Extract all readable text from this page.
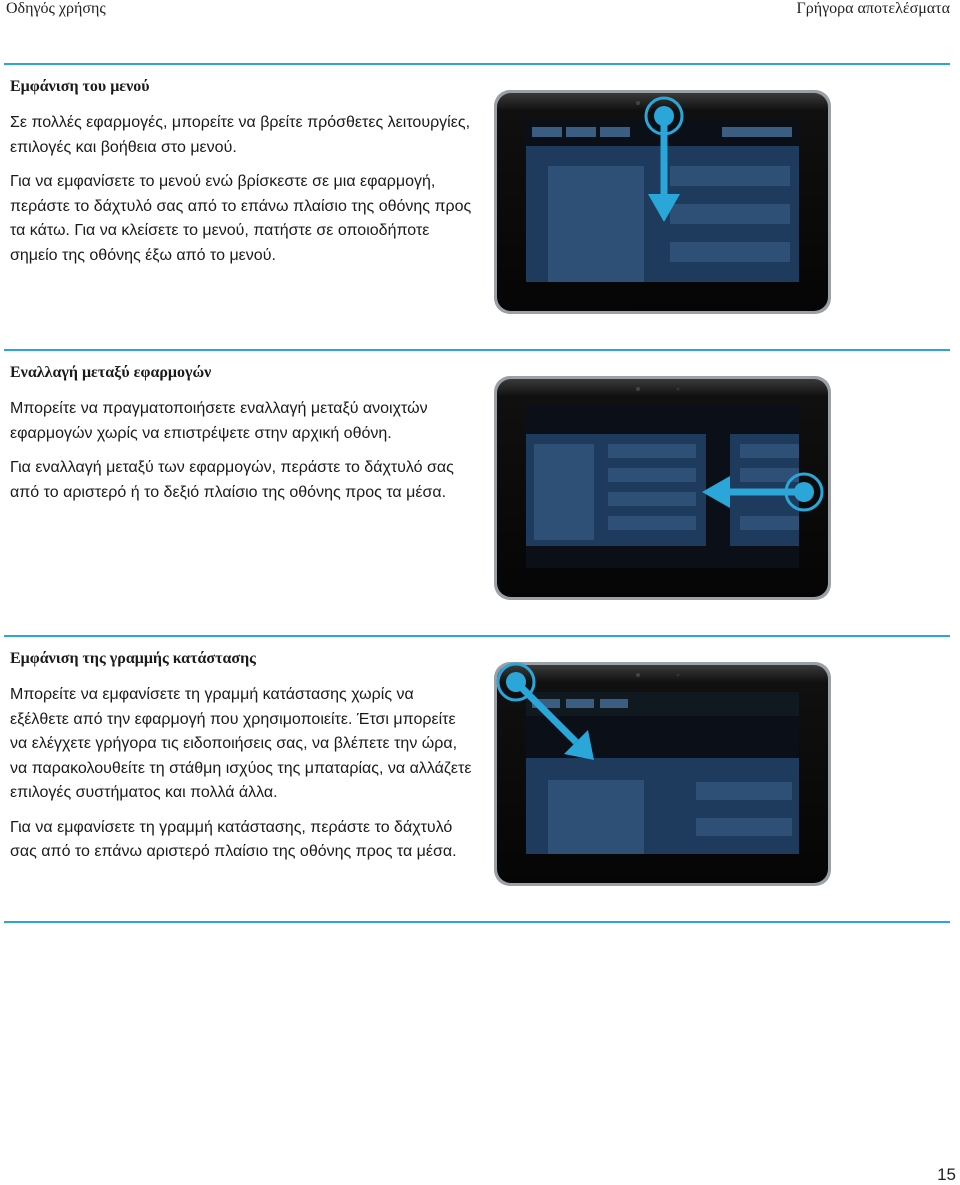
Οδηγός χρήσης	Γρήγορα αποτελέσματα

Εμφάνιση του μενού

Σε πολλές εφαρμογές, μπορείτε να βρείτε πρόσθετες λειτουργίες, επιλογές και βοήθεια στο μενού.

Για να εμφανίσετε το μενού ενώ βρίσκεστε σε μια εφαρμογή, περάστε το δάχτυλό σας από το επάνω πλαίσιο της οθόνης προς τα κάτω. Για να κλείσετε το μενού, πατήστε σε οποιοδήποτε σημείο της οθόνης έξω από το μενού.

Εναλλαγή μεταξύ εφαρμογών

Μπορείτε να πραγματοποιήσετε εναλλαγή μεταξύ ανοιχτών εφαρμογών χωρίς να επιστρέψετε στην αρχική οθόνη.

Για εναλλαγή μεταξύ των εφαρμογών, περάστε το δάχτυλό σας από το αριστερό ή το δεξιό πλαίσιο της οθόνης προς τα μέσα.

Εμφάνιση της γραμμής κατάστασης

Μπορείτε να εμφανίσετε τη γραμμή κατάστασης χωρίς να εξέλθετε από την εφαρμογή που χρησιμοποιείτε. Έτσι μπορείτε να ελέγχετε γρήγορα τις ειδοποιήσεις σας, να βλέπετε την ώρα, να παρακολουθείτε τη στάθμη ισχύος της μπαταρίας, να αλλάζετε επιλογές συστήματος και πολλά άλλα.

Για να εμφανίσετε τη γραμμή κατάστασης, περάστε το δάχτυλό σας από το επάνω αριστερό πλαίσιο της οθόνης προς τα μέσα.

15
